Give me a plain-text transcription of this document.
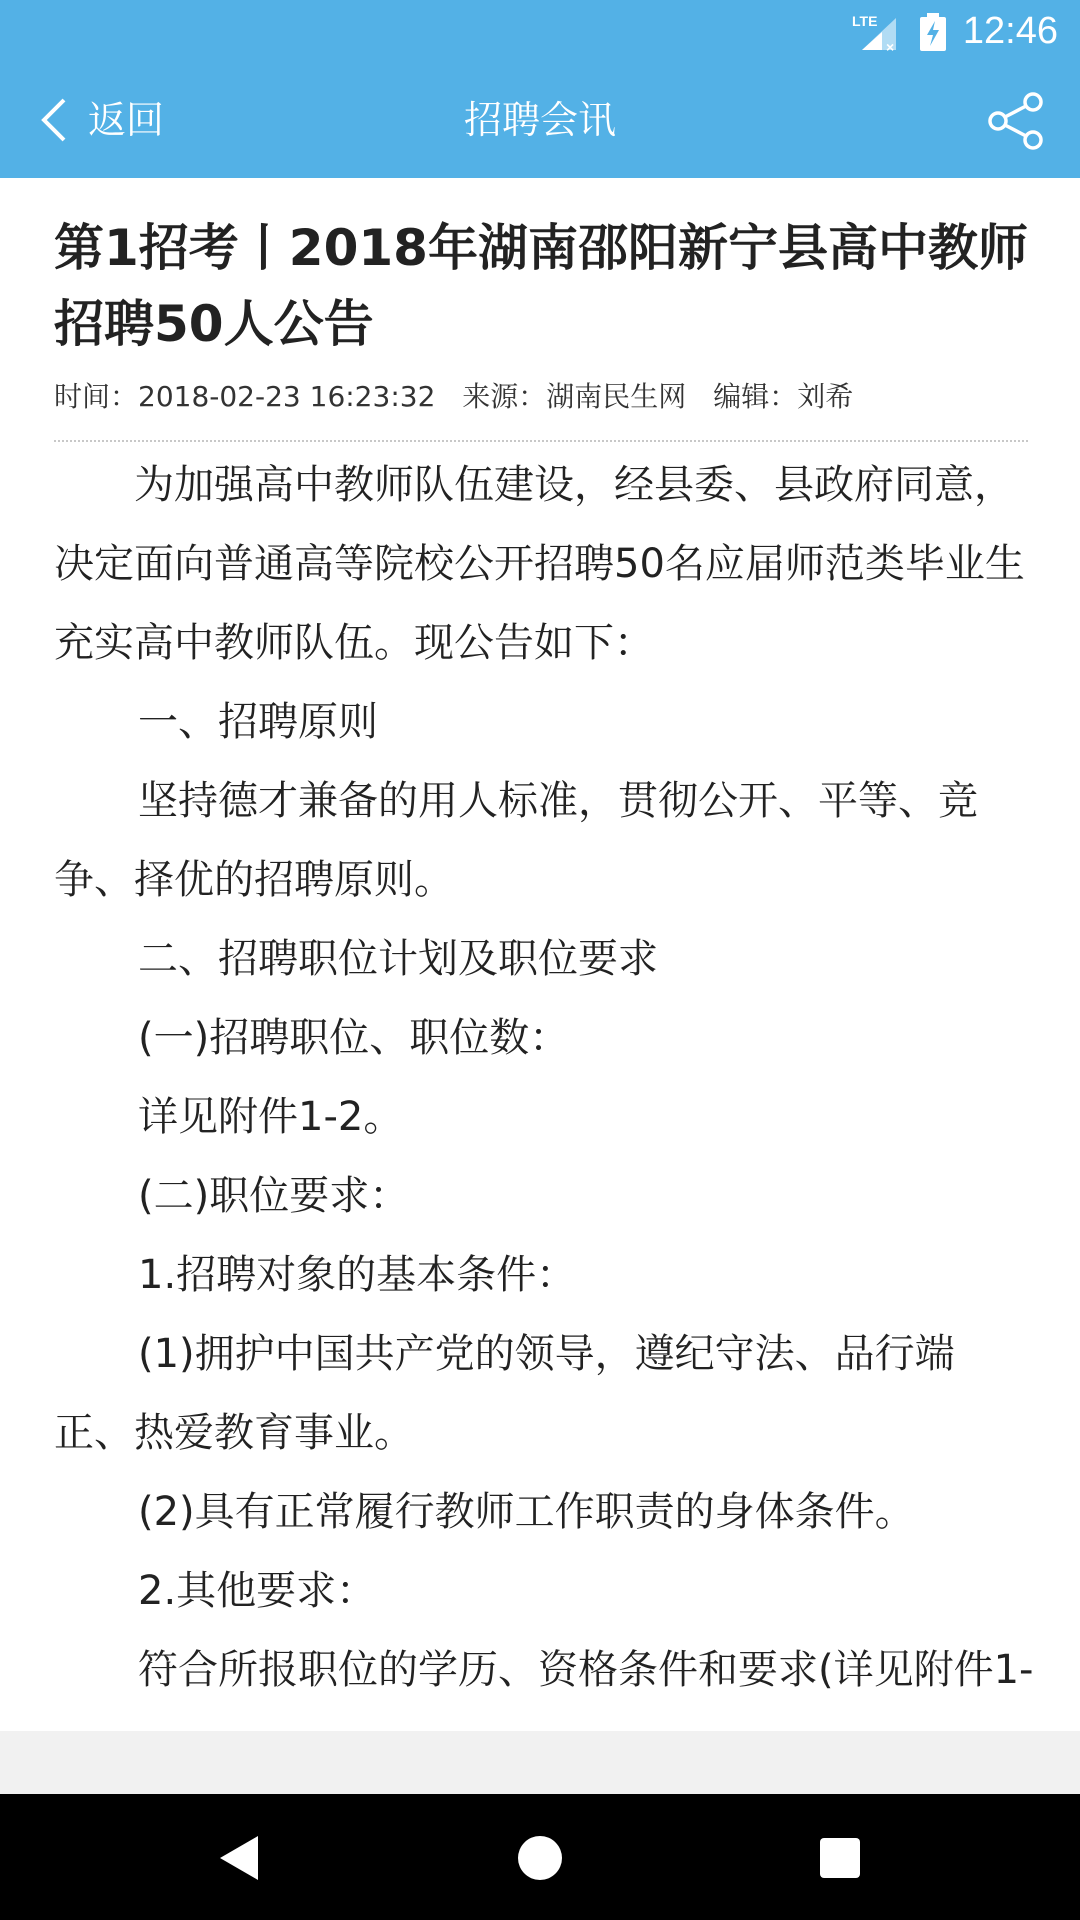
LTE
× 12:46
返回	招聘会讯
第1招考丨2018年湖南邵阳新宁县高中教师招聘50人公告
时间：2018-02-23 16:23:32 来源：湖南民生网 编辑：刘希

为加强高中教师队伍建设，经县委、县政府同意，决定面向普通高等院校公开招聘50名应届师范类毕业生充实高中教师队伍。现公告如下：

一、招聘原则

坚持德才兼备的用人标准，贯彻公开、平等、竞争、择优的招聘原则。

二、招聘职位计划及职位要求

(一)招聘职位、职位数：

详见附件1-2。

(二)职位要求：

1.招聘对象的基本条件：

(1)拥护中国共产党的领导，遵纪守法、品行端正、热爱教育事业。

(2)具有正常履行教师工作职责的身体条件。

2.其他要求：

符合所报职位的学历、资格条件和要求(详见附件1-
